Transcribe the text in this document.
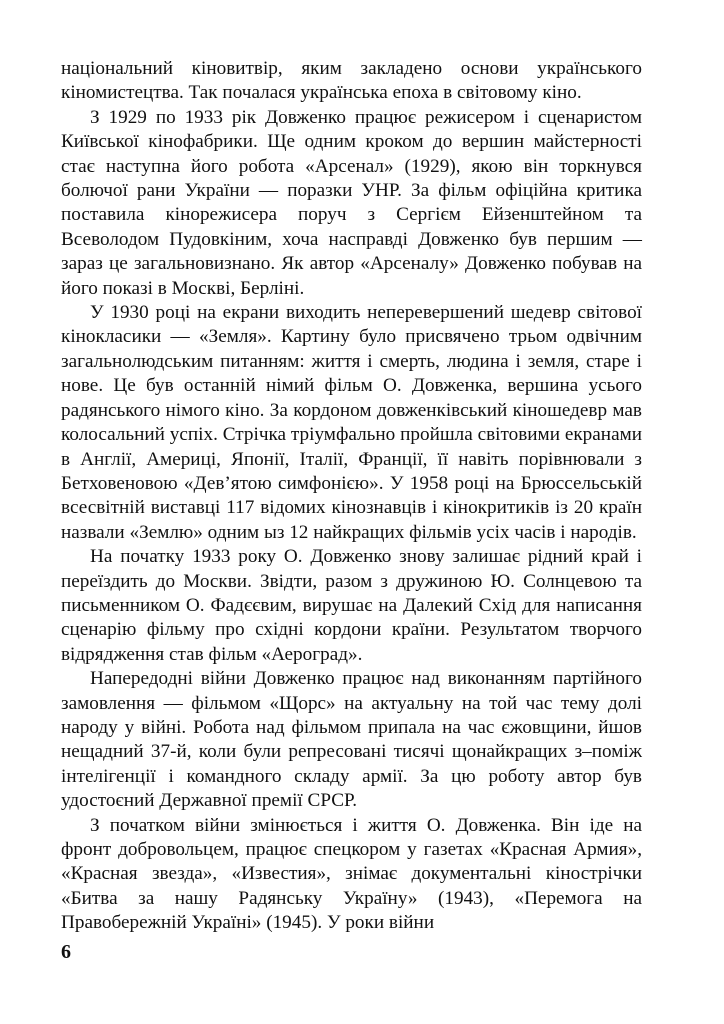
національний кіновитвір, яким закладено основи українського кіномистецтва. Так почалася українська епоха в світовому кіно.

З 1929 по 1933 рік Довженко працює режисером і сценаристом Київської кінофабрики. Ще одним кроком до вершин майстерності стає наступна його робота «Арсенал» (1929), якою він торкнувся болючої рани України — поразки УНР. За фільм офіційна критика поставила кінорежисера поруч з Сергієм Ейзенштейном та Всеволодом Пудовкіним, хоча насправді Довженко був першим — зараз це загальновизнано. Як автор «Арсеналу» Довженко побував на його показі в Москві, Берліні.

У 1930 році на екрани виходить неперевершений шедевр світової кінокласики — «Земля». Картину було присвячено трьом одвічним загальнолюдським питанням: життя і смерть, людина і земля, старе і нове. Це був останній німий фільм О. Довженка, вершина усього радянського німого кіно. За кордоном довженківський кіношедевр мав колосальний успіх. Стрічка тріумфально пройшла світовими екранами в Англії, Америці, Японії, Італії, Франції, її навіть порівнювали з Бетховеновою «Дев’ятою симфонією». У 1958 році на Брюссельській всесвітній виставці 117 відомих кінознавців і кінокритиків із 20 країн назвали «Землю» одним ыз 12 найкращих фільмів усіх часів і народів.

На початку 1933 року О. Довженко знову залишає рідний край і переїздить до Москви. Звідти, разом з дружиною Ю. Солнцевою та письменником О. Фадєєвим, вирушає на Далекий Схід для написання сценарію фільму про східні кордони країни. Результатом творчого відрядження став фільм «Аероград».

Напередодні війни Довженко працює над виконанням партійного замовлення — фільмом «Щорс» на актуальну на той час тему долі народу у війні. Робота над фільмом припала на час єжовщини, йшов нещадний 37-й, коли були репресовані тисячі щонайкращих з–поміж інтелігенції і командного складу армії. За цю роботу автор був удостоєний Державної премії СРСР.

З початком війни змінюється і життя О. Довженка. Він іде на фронт добровольцем, працює спецкором у газетах «Красная Армия», «Красная звезда», «Известия», знімає документальні кінострічки «Битва за нашу Радянську Україну» (1943), «Перемога на Правобережній Україні» (1945). У роки війни

6
